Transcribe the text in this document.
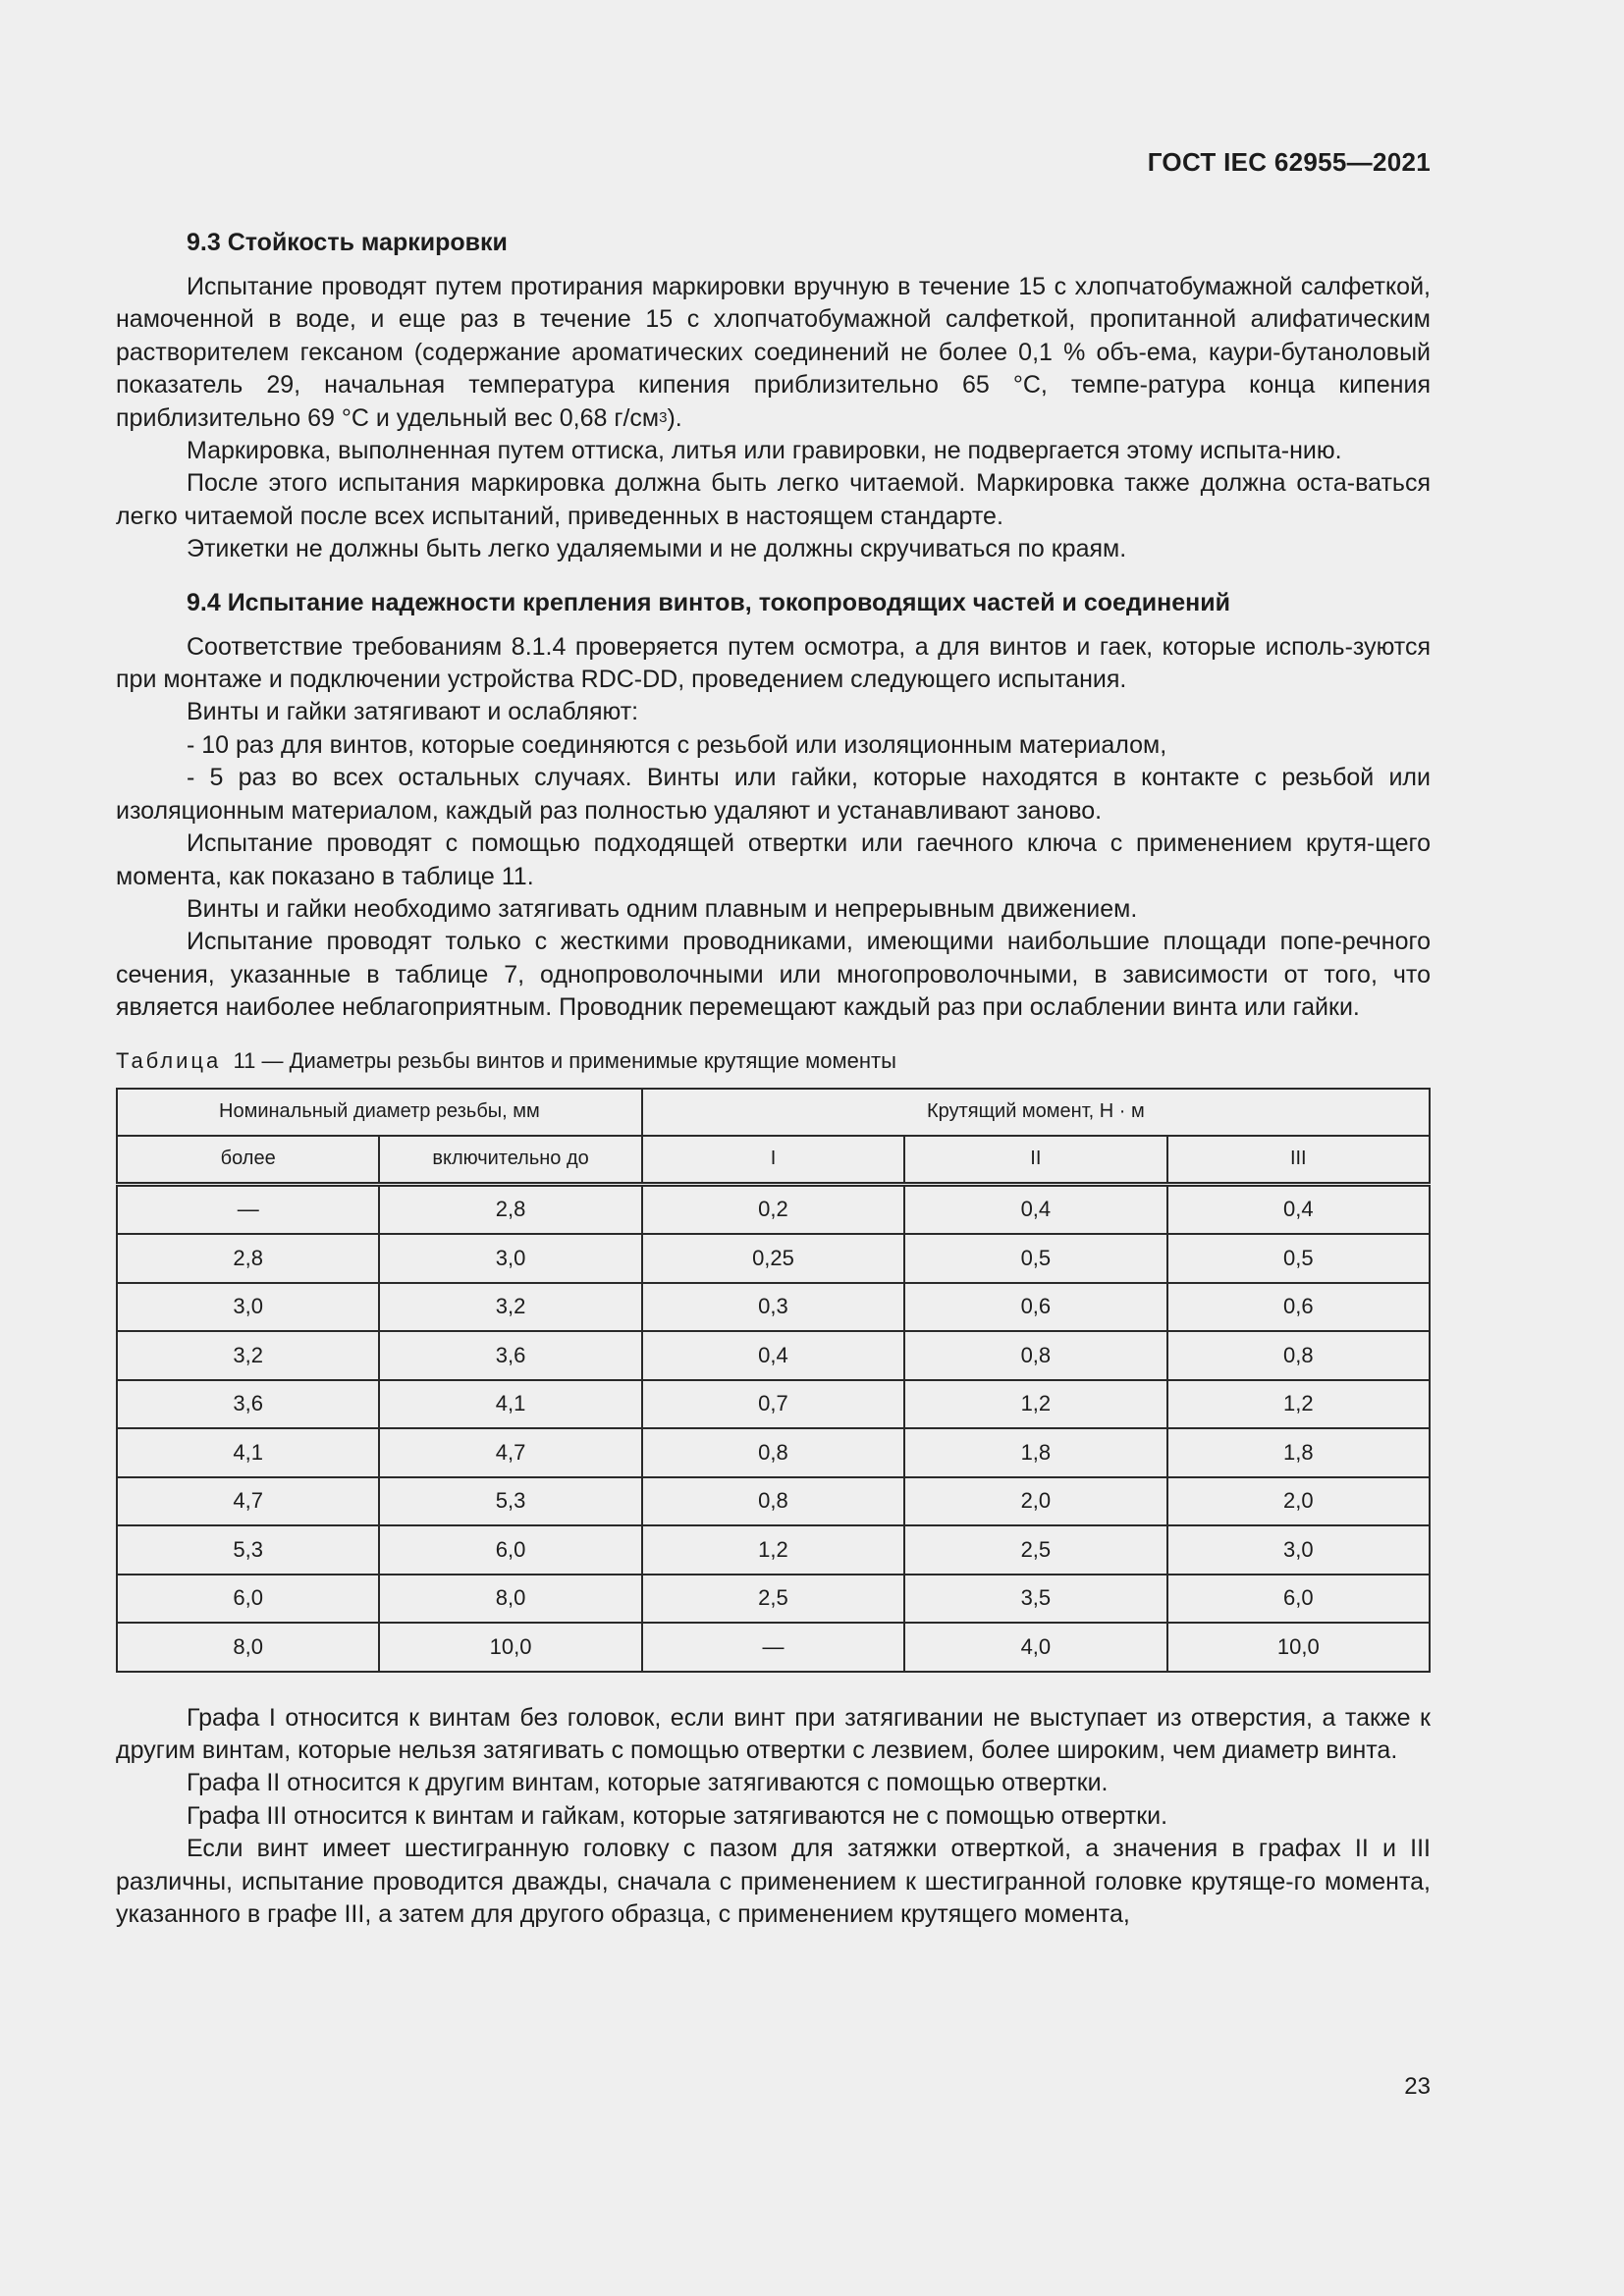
ГОСТ IEC 62955—2021
9.3 Стойкость маркировки

Испытание проводят путем протирания маркировки вручную в течение 15 с хлопчатобумажной салфеткой, намоченной в воде, и еще раз в течение 15 с хлопчатобумажной салфеткой, пропитанной алифатическим растворителем гексаном (содержание ароматических соединений не более 0,1 % объ-ема, каури-бутаноловый показатель 29, начальная температура кипения приблизительно 65 °С, темпе-ратура конца кипения приблизительно 69 °С и удельный вес 0,68 $г/см^3$).

Маркировка, выполненная путем оттиска, литья или гравировки, не подвергается этому испыта-нию.

После этого испытания маркировка должна быть легко читаемой. Маркировка также должна оста-ваться легко читаемой после всех испытаний, приведенных в настоящем стандарте.

Этикетки не должны быть легко удаляемыми и не должны скручиваться по краям.

9.4 Испытание надежности крепления винтов, токопроводящих частей и соединений

Соответствие требованиям 8.1.4 проверяется путем осмотра, а для винтов и гаек, которые исполь-зуются при монтаже и подключении устройства RDC-DD, проведением следующего испытания.

Винты и гайки затягивают и ослабляют:

- 10 раз для винтов, которые соединяются с резьбой или изоляционным материалом,

- 5 раз во всех остальных случаях. Винты или гайки, которые находятся в контакте с резьбой или изоляционным материалом, каждый раз полностью удаляют и устанавливают заново.

Испытание проводят с помощью подходящей отвертки или гаечного ключа с применением крутя-щего момента, как показано в таблице 11.

Винты и гайки необходимо затягивать одним плавным и непрерывным движением.

Испытание проводят только с жесткими проводниками, имеющими наибольшие площади попе-речного сечения, указанные в таблице 7, однопроволочными или многопроволочными, в зависимости от того, что является наиболее неблагоприятным. Проводник перемещают каждый раз при ослаблении винта или гайки.

Таблица 11 — Диаметры резьбы винтов и применимые крутящие моменты

Номинальный диаметр резьбы, мм		Крутящий момент, Н · м		
более	включительно до	I	II	III
—	2,8	0,2	0,4	0,4
2,8	3,0	0,25	0,5	0,5
3,0	3,2	0,3	0,6	0,6
3,2	3,6	0,4	0,8	0,8
3,6	4,1	0,7	1,2	1,2
4,1	4,7	0,8	1,8	1,8
4,7	5,3	0,8	2,0	2,0
5,3	6,0	1,2	2,5	3,0
6,0	8,0	2,5	3,5	6,0
8,0	10,0	—	4,0	10,0

Графа I относится к винтам без головок, если винт при затягивании не выступает из отверстия, а также к другим винтам, которые нельзя затягивать с помощью отвертки с лезвием, более широким, чем диаметр винта.

Графа II относится к другим винтам, которые затягиваются с помощью отвертки.

Графа III относится к винтам и гайкам, которые затягиваются не с помощью отвертки.

Если винт имеет шестигранную головку с пазом для затяжки отверткой, а значения в графах II и III различны, испытание проводится дважды, сначала с применением к шестигранной головке крутяще-го момента, указанного в графе III, а затем для другого образца, с применением крутящего момента,

23
